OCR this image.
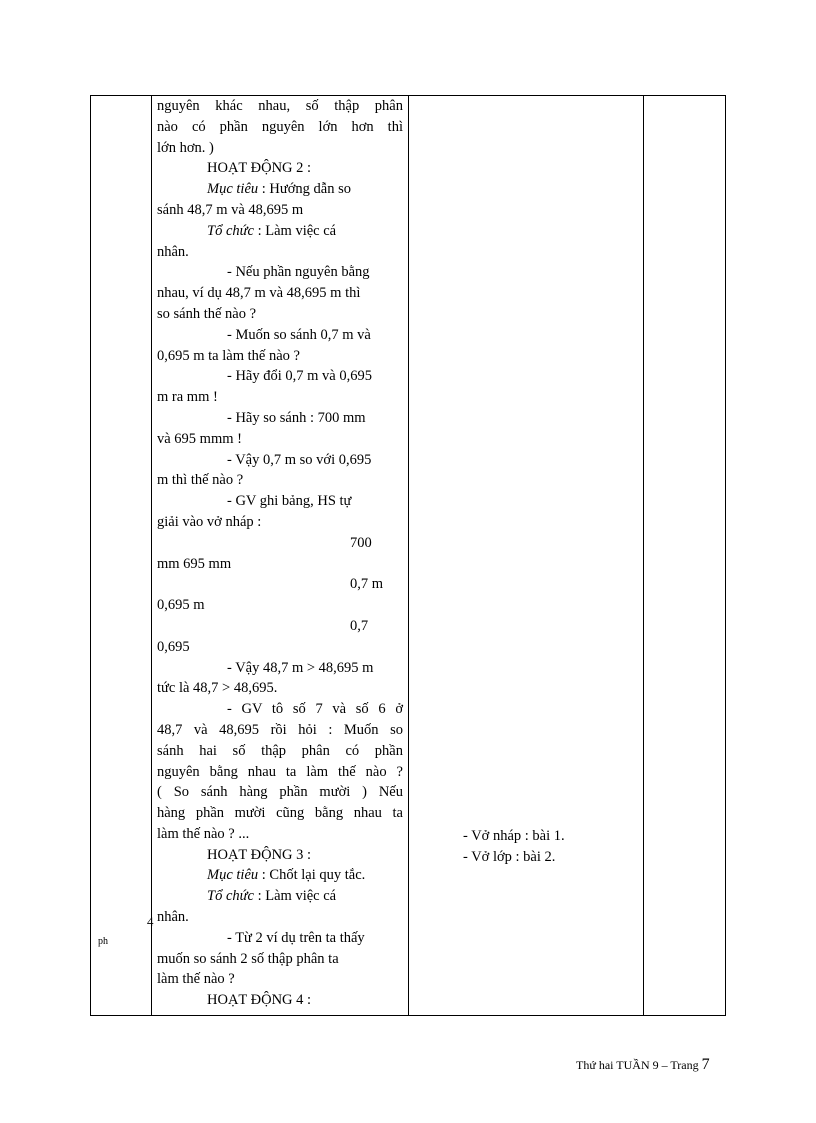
ph
4
nguyên khác nhau, số thập phân
nào có phần nguyên lớn hơn thì
lớn hơn. )
HOẠT ĐỘNG 2 :
Mục tiêu : Hướng dẫn so
sánh 48,7 m và 48,695 m
Tổ chức : Làm việc cá
nhân.
- Nếu phần nguyên bằng
nhau, ví dụ 48,7 m và 48,695 m thì
so sánh thế nào ?
- Muốn so sánh 0,7 m và
0,695 m ta làm thế nào ?
- Hãy đổi 0,7 m và 0,695
m ra mm !
- Hãy so sánh : 700 mm
và 695 mmm !
- Vậy 0,7 m so với 0,695
m thì thế nào ?
- GV ghi bảng, HS tự
giải vào vở nháp :
700
mm 695 mm
0,7 m
0,695 m
0,7
0,695
- Vậy 48,7 m > 48,695 m
tức là 48,7 > 48,695.
- GV tô số 7 và số 6 ở
48,7 và 48,695 rồi hỏi : Muốn so
sánh hai số thập phân có phần
nguyên bằng nhau ta làm thế nào ?
( So sánh hàng phần mười ) Nếu
hàng phần mười cũng bằng nhau ta
làm thế nào ? ...
HOẠT ĐỘNG 3 :
Mục tiêu : Chốt lại quy tắc.
Tổ chức : Làm việc cá
nhân.
- Từ 2 ví dụ trên ta thấy
muốn so sánh 2 số thập phân ta
làm thế nào ?
HOẠT ĐỘNG 4 :
- Vở nháp : bài 1.
- Vở lớp : bài 2.
Thứ hai TUẦN 9 – Trang 7
